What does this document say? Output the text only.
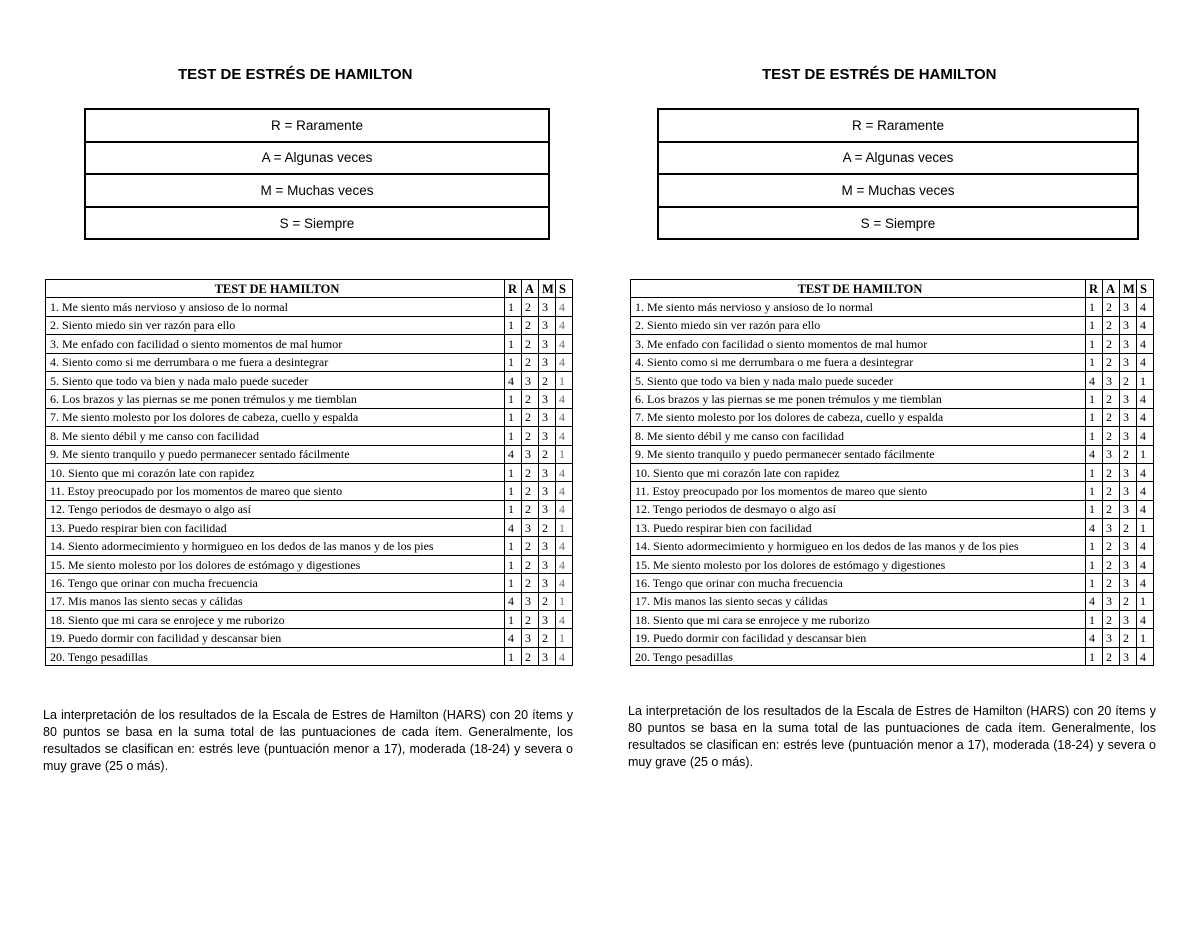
TEST DE ESTRÉS DE HAMILTON
R = Raramente
A = Algunas veces
M = Muchas veces
S = Siempre
TEST DE HAMILTON	R	A	M	S
1. Me siento más nervioso y ansioso de lo normal	1	2	3	4
2. Siento miedo sin ver razón para ello	1	2	3	4
3. Me enfado con facilidad o siento momentos de mal humor	1	2	3	4
4. Siento como si me derrumbara o me fuera a desintegrar	1	2	3	4
5. Siento que todo va bien y nada malo puede suceder	4	3	2	1
6. Los brazos y las piernas se me ponen trémulos y me tiemblan	1	2	3	4
7. Me siento molesto por los dolores de cabeza, cuello y espalda	1	2	3	4
8. Me siento débil y me canso con facilidad	1	2	3	4
9. Me siento tranquilo y puedo permanecer sentado fácilmente	4	3	2	1
10. Siento que mi corazón late con rapidez	1	2	3	4
11. Estoy preocupado por los momentos de mareo que siento	1	2	3	4
12. Tengo periodos de desmayo o algo así	1	2	3	4
13. Puedo respirar bien con facilidad	4	3	2	1
14. Siento adormecimiento y hormigueo en los dedos de las manos y de los pies	1	2	3	4
15. Me siento molesto por los dolores de estómago y digestiones	1	2	3	4
16. Tengo que orinar con mucha frecuencia	1	2	3	4
17. Mis manos las siento secas y cálidas	4	3	2	1
18. Siento que mi cara se enrojece y me ruborizo	1	2	3	4
19. Puedo dormir con facilidad y descansar bien	4	3	2	1
20. Tengo pesadillas	1	2	3	4
La interpretación de los resultados de la Escala de Estres de Hamilton (HARS) con 20 ítems y 80 puntos se basa en la suma total de las puntuaciones de cada ítem. Generalmente, los resultados se clasifican en: estrés leve (puntuación menor a 17), moderada (18-24) y severa o muy grave (25 o más).
TEST DE ESTRÉS DE HAMILTON
R = Raramente
A = Algunas veces
M = Muchas veces
S = Siempre
TEST DE HAMILTON	R	A	M	S
1. Me siento más nervioso y ansioso de lo normal	1	2	3	4
2. Siento miedo sin ver razón para ello	1	2	3	4
3. Me enfado con facilidad o siento momentos de mal humor	1	2	3	4
4. Siento como si me derrumbara o me fuera a desintegrar	1	2	3	4
5. Siento que todo va bien y nada malo puede suceder	4	3	2	1
6. Los brazos y las piernas se me ponen trémulos y me tiemblan	1	2	3	4
7. Me siento molesto por los dolores de cabeza, cuello y espalda	1	2	3	4
8. Me siento débil y me canso con facilidad	1	2	3	4
9. Me siento tranquilo y puedo permanecer sentado fácilmente	4	3	2	1
10. Siento que mi corazón late con rapidez	1	2	3	4
11. Estoy preocupado por los momentos de mareo que siento	1	2	3	4
12. Tengo periodos de desmayo o algo así	1	2	3	4
13. Puedo respirar bien con facilidad	4	3	2	1
14. Siento adormecimiento y hormigueo en los dedos de las manos y de los pies	1	2	3	4
15. Me siento molesto por los dolores de estómago y digestiones	1	2	3	4
16. Tengo que orinar con mucha frecuencia	1	2	3	4
17. Mis manos las siento secas y cálidas	4	3	2	1
18. Siento que mi cara se enrojece y me ruborizo	1	2	3	4
19. Puedo dormir con facilidad y descansar bien	4	3	2	1
20. Tengo pesadillas	1	2	3	4
La interpretación de los resultados de la Escala de Estres de Hamilton (HARS) con 20 ítems y 80 puntos se basa en la suma total de las puntuaciones de cada ítem. Generalmente, los resultados se clasifican en: estrés leve (puntuación menor a 17), moderada (18-24) y severa o muy grave (25 o más).
